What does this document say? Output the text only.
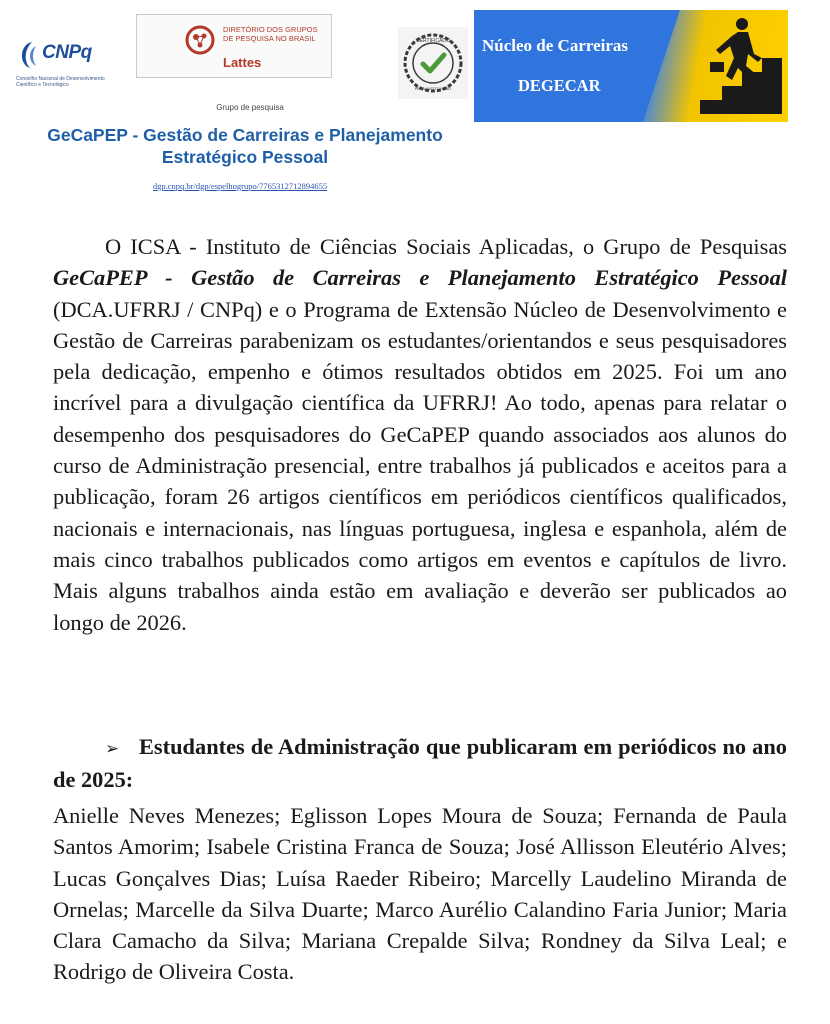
CNPq
Conselho Nacional de Desenvolvimento Científico e Tecnológico
DIRETÓRIO DOS GRUPOS
DE PESQUISA NO BRASIL
Lattes
Grupo de pesquisa
GeCaPEP - Gestão de Carreiras e Planejamento
Estratégico Pessoal
dgp.cnpq.br/dgp/espelhogrupo/7765312712894655
CERTIFICADO
PELA INSTITUIÇÃO
Núcleo de Carreiras
DEGECAR

O ICSA - Instituto de Ciências Sociais Aplicadas, o Grupo de Pesquisas GeCaPEP - Gestão de Carreiras e Planejamento Estratégico Pessoal (DCA.UFRRJ / CNPq) e o Programa de Extensão Núcleo de Desenvolvimento e Gestão de Carreiras parabenizam os estudantes/orientandos e seus pesquisadores pela dedicação, empenho e ótimos resultados obtidos em 2025. Foi um ano incrível para a divulgação científica da UFRRJ! Ao todo, apenas para relatar o desempenho dos pesquisadores do GeCaPEP quando associados aos alunos do curso de Administração presencial, entre trabalhos já publicados e aceitos para a publicação, foram 26 artigos científicos em periódicos científicos qualificados, nacionais e internacionais, nas línguas portuguesa, inglesa e espanhola, além de mais cinco trabalhos publicados como artigos em eventos e capítulos de livro. Mais alguns trabalhos ainda estão em avaliação e deverão ser publicados ao longo de 2026.

➢ Estudantes de Administração que publicaram em periódicos no ano de 2025:

Anielle Neves Menezes; Eglisson Lopes Moura de Souza; Fernanda de Paula Santos Amorim; Isabele Cristina Franca de Souza; José Allisson Eleutério Alves; Lucas Gonçalves Dias; Luísa Raeder Ribeiro; Marcelly Laudelino Miranda de Ornelas; Marcelle da Silva Duarte; Marco Aurélio Calandino Faria Junior; Maria Clara Camacho da Silva; Mariana Crepalde Silva; Rondney da Silva Leal; e Rodrigo de Oliveira Costa.
